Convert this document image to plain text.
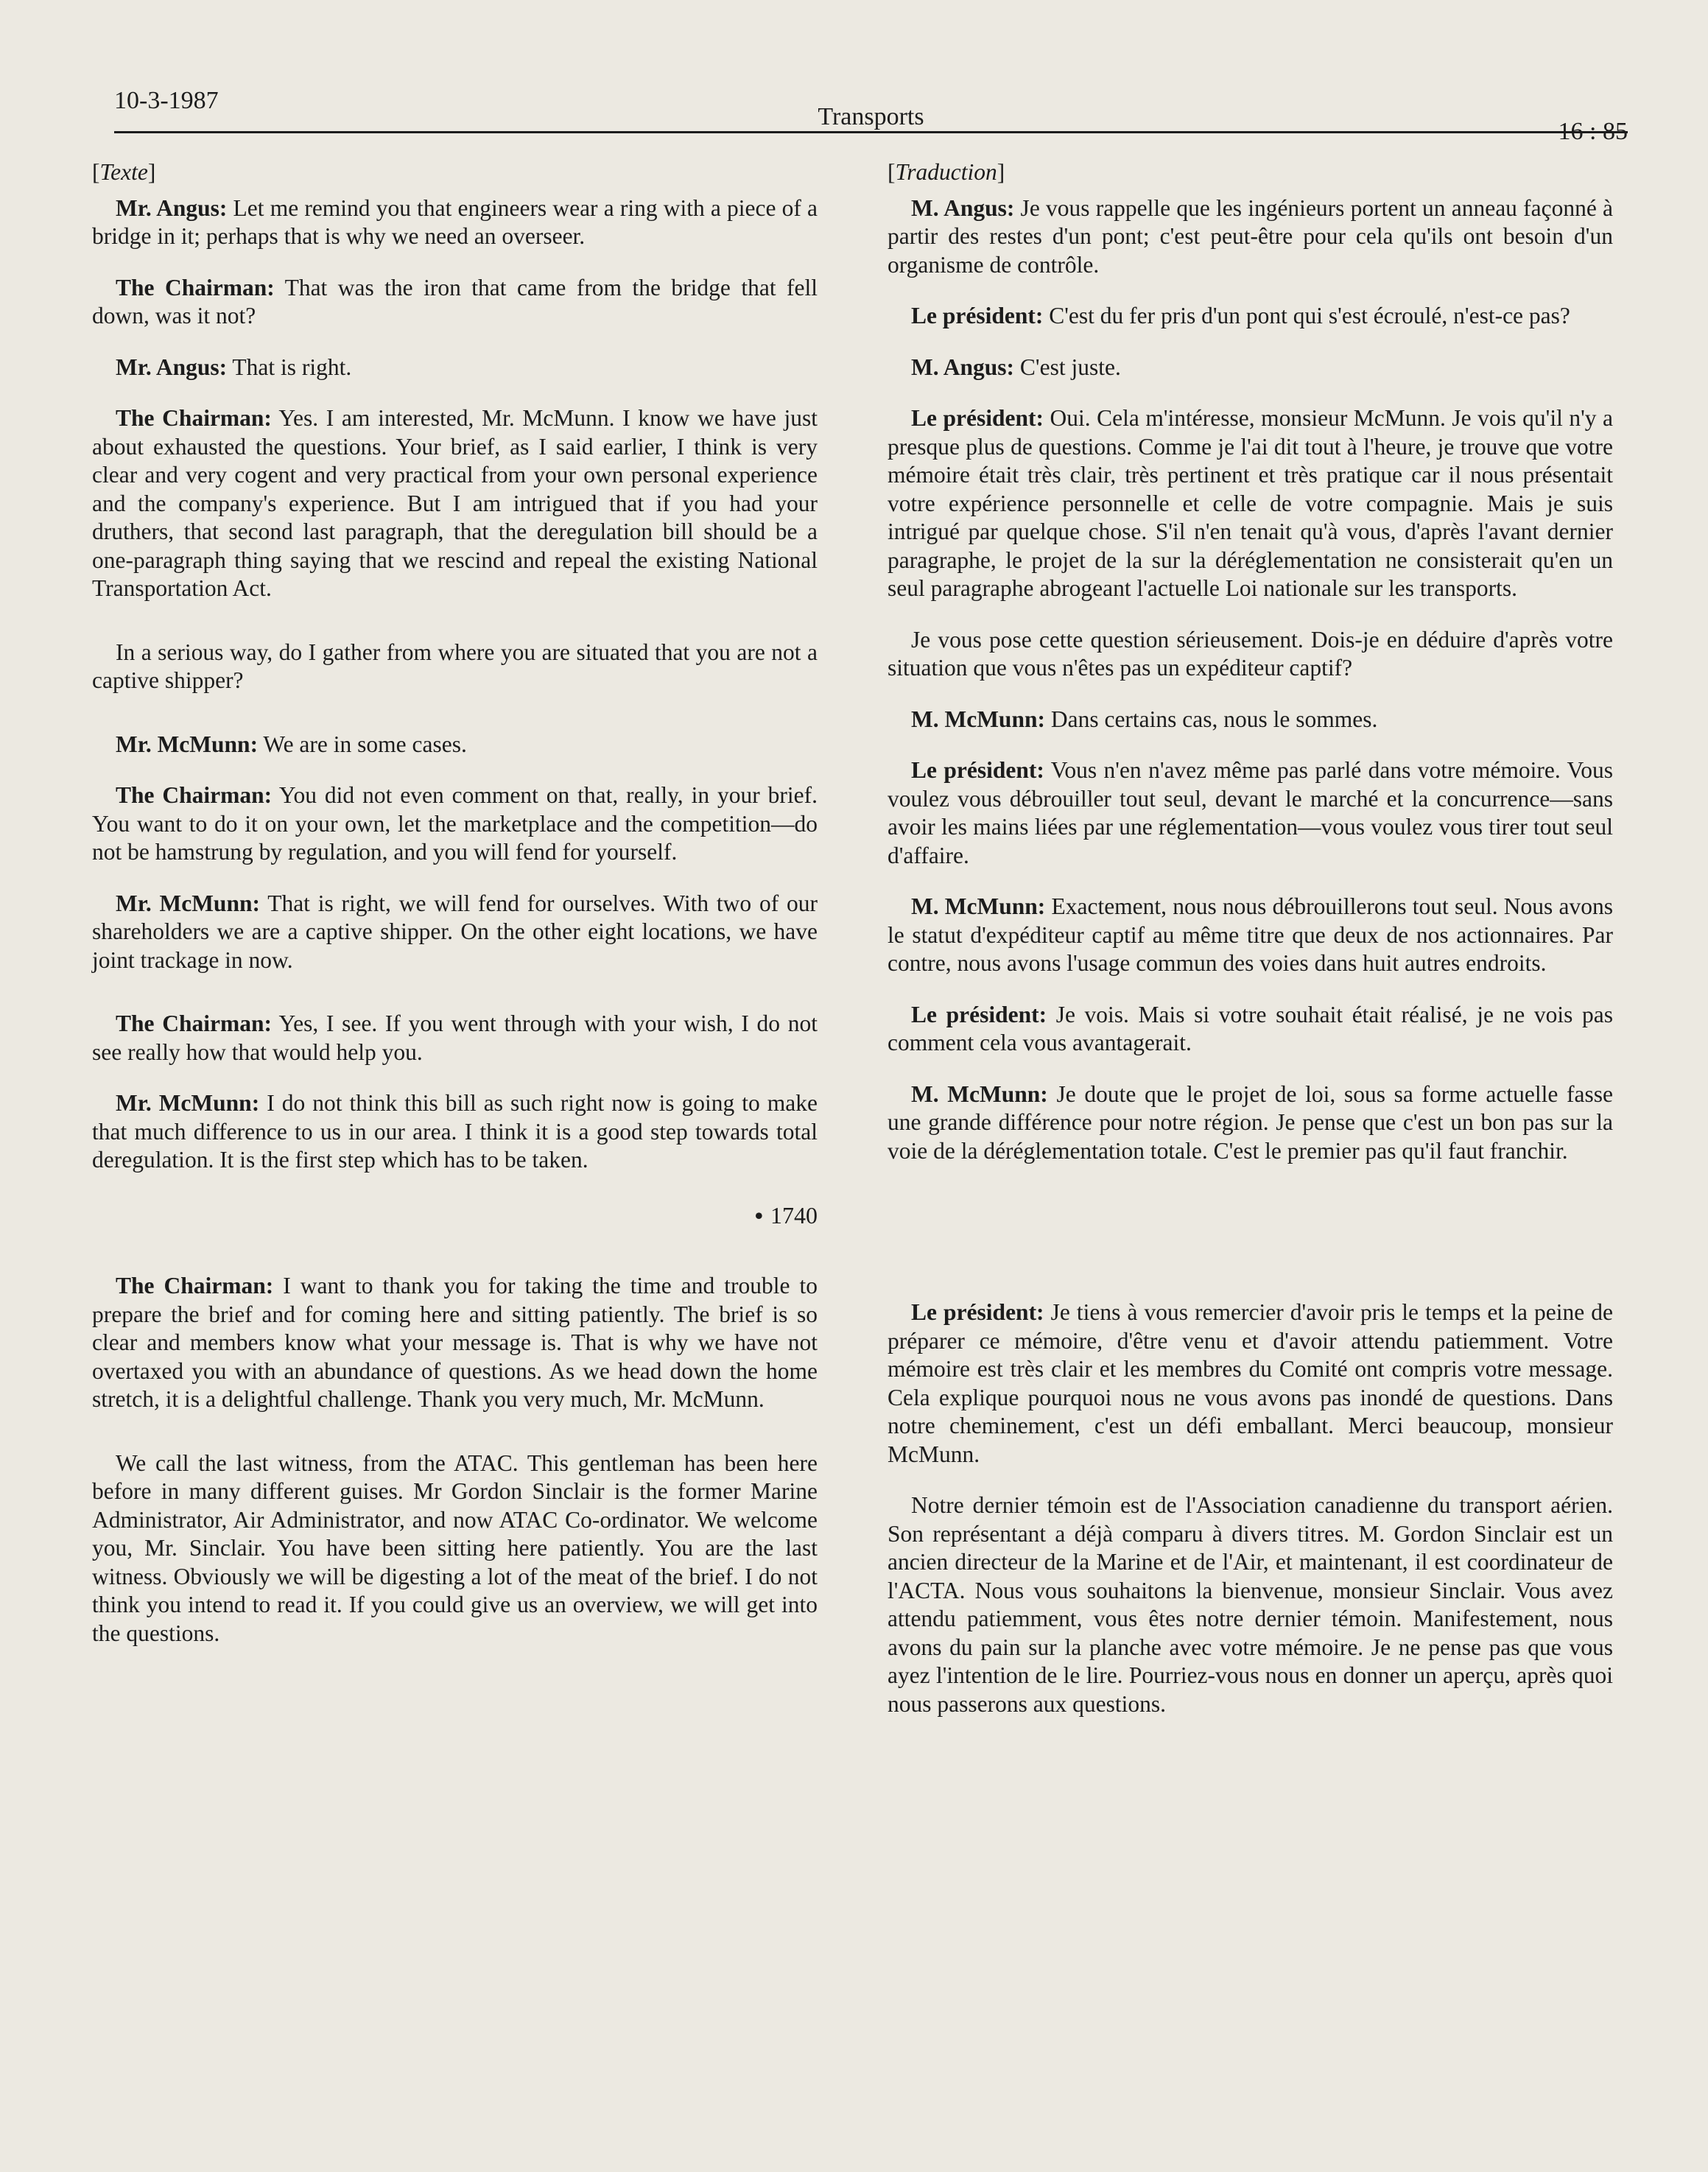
10-3-1987
Transports
16 : 85
[Texte]

Mr. Angus: Let me remind you that engineers wear a ring with a piece of a bridge in it; perhaps that is why we need an overseer.

The Chairman: That was the iron that came from the bridge that fell down, was it not?

Mr. Angus: That is right.

The Chairman: Yes. I am interested, Mr. McMunn. I know we have just about exhausted the questions. Your brief, as I said earlier, I think is very clear and very cogent and very practical from your own personal experience and the company's experience. But I am intrigued that if you had your druthers, that second last paragraph, that the deregulation bill should be a one-paragraph thing saying that we rescind and repeal the existing National Transportation Act.

In a serious way, do I gather from where you are situated that you are not a captive shipper?

Mr. McMunn: We are in some cases.

The Chairman: You did not even comment on that, really, in your brief. You want to do it on your own, let the marketplace and the competition—do not be hamstrung by regulation, and you will fend for yourself.

Mr. McMunn: That is right, we will fend for ourselves. With two of our shareholders we are a captive shipper. On the other eight locations, we have joint trackage in now.

The Chairman: Yes, I see. If you went through with your wish, I do not see really how that would help you.

Mr. McMunn: I do not think this bill as such right now is going to make that much difference to us in our area. I think it is a good step towards total deregulation. It is the first step which has to be taken.

• 1740

The Chairman: I want to thank you for taking the time and trouble to prepare the brief and for coming here and sitting patiently. The brief is so clear and members know what your message is. That is why we have not overtaxed you with an abundance of questions. As we head down the home stretch, it is a delightful challenge. Thank you very much, Mr. McMunn.

We call the last witness, from the ATAC. This gentleman has been here before in many different guises. Mr Gordon Sinclair is the former Marine Administrator, Air Administrator, and now ATAC Co-ordinator. We welcome you, Mr. Sinclair. You have been sitting here patiently. You are the last witness. Obviously we will be digesting a lot of the meat of the brief. I do not think you intend to read it. If you could give us an overview, we will get into the questions.

[Traduction]

M. Angus: Je vous rappelle que les ingénieurs portent un anneau façonné à partir des restes d'un pont; c'est peut-être pour cela qu'ils ont besoin d'un organisme de contrôle.

Le président: C'est du fer pris d'un pont qui s'est écroulé, n'est-ce pas?

M. Angus: C'est juste.

Le président: Oui. Cela m'intéresse, monsieur McMunn. Je vois qu'il n'y a presque plus de questions. Comme je l'ai dit tout à l'heure, je trouve que votre mémoire était très clair, très pertinent et très pratique car il nous présentait votre expérience personnelle et celle de votre compagnie. Mais je suis intrigué par quelque chose. S'il n'en tenait qu'à vous, d'après l'avant dernier paragraphe, le projet de la sur la déréglementation ne consisterait qu'en un seul paragraphe abrogeant l'actuelle Loi nationale sur les transports.

Je vous pose cette question sérieusement. Dois-je en déduire d'après votre situation que vous n'êtes pas un expéditeur captif?

M. McMunn: Dans certains cas, nous le sommes.

Le président: Vous n'en n'avez même pas parlé dans votre mémoire. Vous voulez vous débrouiller tout seul, devant le marché et la concurrence—sans avoir les mains liées par une réglementation—vous voulez vous tirer tout seul d'affaire.

M. McMunn: Exactement, nous nous débrouillerons tout seul. Nous avons le statut d'expéditeur captif au même titre que deux de nos actionnaires. Par contre, nous avons l'usage commun des voies dans huit autres endroits.

Le président: Je vois. Mais si votre souhait était réalisé, je ne vois pas comment cela vous avantagerait.

M. McMunn: Je doute que le projet de loi, sous sa forme actuelle fasse une grande différence pour notre région. Je pense que c'est un bon pas sur la voie de la déréglementation totale. C'est le premier pas qu'il faut franchir.

Le président: Je tiens à vous remercier d'avoir pris le temps et la peine de préparer ce mémoire, d'être venu et d'avoir attendu patiemment. Votre mémoire est très clair et les membres du Comité ont compris votre message. Cela explique pourquoi nous ne vous avons pas inondé de questions. Dans notre cheminement, c'est un défi emballant. Merci beaucoup, monsieur McMunn.

Notre dernier témoin est de l'Association canadienne du transport aérien. Son représentant a déjà comparu à divers titres. M. Gordon Sinclair est un ancien directeur de la Marine et de l'Air, et maintenant, il est coordinateur de l'ACTA. Nous vous souhaitons la bienvenue, monsieur Sinclair. Vous avez attendu patiemment, vous êtes notre dernier témoin. Manifestement, nous avons du pain sur la planche avec votre mémoire. Je ne pense pas que vous ayez l'intention de le lire. Pourriez-vous nous en donner un aperçu, après quoi nous passerons aux questions.
